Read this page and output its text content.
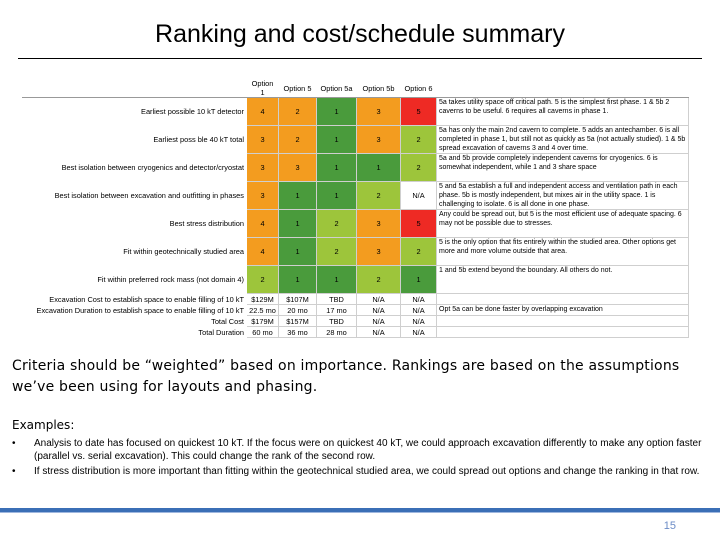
Ranking and cost/schedule summary
	Option 1	Option 5	Option 5a	Option 5b	Option 6	
Earliest possible 10 kT detector	4	2	1	3	5	5a takes utility space off critical path. 5 is the simplest first phase. 1 & 5b 2 caverns to be useful. 6 requires all caverns in phase 1.
Earliest poss ble 40 kT total	3	2	1	3	2	5a has only the main 2nd cavern to complete. 5 adds an antechamber. 6 is all completed in phase 1, but still not as quickly as 5a (not actually studied). 1 & 5b spread excavation of caverns 3 and 4 over time.
Best isolation between cryogenics and detector/cryostat	3	3	1	1	2	5a and 5b provide completely independent caverns for cryogenics. 6 is somewhat independent, while 1 and 3 share space
Best isolation between excavation and outfitting in phases	3	1	1	2	N/A	5 and 5a establish a full and independent access and ventilation path in each phase. 5b is mostly independent, but mixes air in the utility space. 1 is challenging to isolate. 6 is all done in one phase.
Best stress distribution	4	1	2	3	5	Any could be spread out, but 5 is the most efficient use of adequate spacing. 6 may not be possible due to stresses.
Fit within geotechnically studied area	4	1	2	3	2	5 is the only option that fits entirely within the studied area. Other options get more and more volume outside that area.
Fit within preferred rock mass (not domain 4)	2	1	1	2	1	1 and 5b extend beyond the boundary. All others do not.
Excavation Cost to establish space to enable filling of 10 kT	$129M	$107M	TBD	N/A	N/A	
Excavation Duration to establish space to enable filling of 10 kT	22.5 mo	20 mo	17 mo	N/A	N/A	Opt 5a can be done faster by overlapping excavation
Total Cost	$179M	$157M	TBD	N/A	N/A	
Total Duration	60 mo	36 mo	28 mo	N/A	N/A	
Criteria should be “weighted” based on importance. Rankings are based on the assumptions we’ve been using for layouts and phasing.
Examples:
• Analysis to date has focused on quickest 10 kT. If the focus were on quickest 40 kT, we could approach excavation differently to make any option faster (parallel vs. serial excavation). This could change the rank of the second row.
• If stress distribution is more important than fitting within the geotechnical studied area, we could spread out options and change the ranking in that row.
15
